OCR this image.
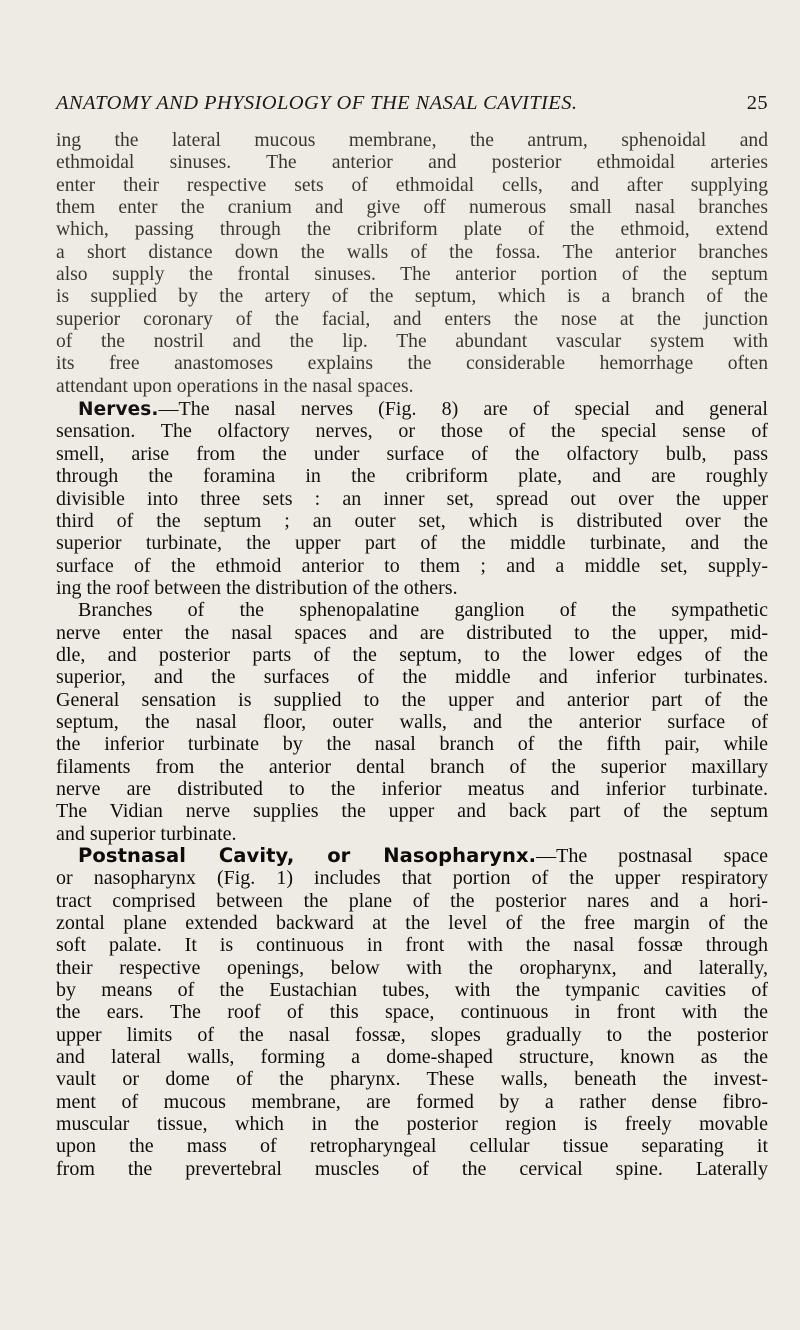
ANATOMY AND PHYSIOLOGY OF THE NASAL CAVITIES.	25
ing the lateral mucous membrane, the antrum, sphenoidal and
ethmoidal sinuses. The anterior and posterior ethmoidal arteries
enter their respective sets of ethmoidal cells, and after supplying
them enter the cranium and give off numerous small nasal branches
which, passing through the cribriform plate of the ethmoid, extend
a short distance down the walls of the fossa. The anterior branches
also supply the frontal sinuses. The anterior portion of the septum
is supplied by the artery of the septum, which is a branch of the
superior coronary of the facial, and enters the nose at the junction
of the nostril and the lip. The abundant vascular system with
its free anastomoses explains the considerable hemorrhage often
attendant upon operations in the nasal spaces.
Nerves.—The nasal nerves (Fig. 8) are of special and general
sensation. The olfactory nerves, or those of the special sense of
smell, arise from the under surface of the olfactory bulb, pass
through the foramina in the cribriform plate, and are roughly
divisible into three sets : an inner set, spread out over the upper
third of the septum ; an outer set, which is distributed over the
superior turbinate, the upper part of the middle turbinate, and the
surface of the ethmoid anterior to them ; and a middle set, supply-
ing the roof between the distribution of the others.
Branches of the sphenopalatine ganglion of the sympathetic
nerve enter the nasal spaces and are distributed to the upper, mid-
dle, and posterior parts of the septum, to the lower edges of the
superior, and the surfaces of the middle and inferior turbinates.
General sensation is supplied to the upper and anterior part of the
septum, the nasal floor, outer walls, and the anterior surface of
the inferior turbinate by the nasal branch of the fifth pair, while
filaments from the anterior dental branch of the superior maxillary
nerve are distributed to the inferior meatus and inferior turbinate.
The Vidian nerve supplies the upper and back part of the septum
and superior turbinate.
Postnasal Cavity, or Nasopharynx.—The postnasal space
or nasopharynx (Fig. 1) includes that portion of the upper respiratory
tract comprised between the plane of the posterior nares and a hori-
zontal plane extended backward at the level of the free margin of the
soft palate. It is continuous in front with the nasal fossæ through
their respective openings, below with the oropharynx, and laterally,
by means of the Eustachian tubes, with the tympanic cavities of
the ears. The roof of this space, continuous in front with the
upper limits of the nasal fossæ, slopes gradually to the posterior
and lateral walls, forming a dome-shaped structure, known as the
vault or dome of the pharynx. These walls, beneath the invest-
ment of mucous membrane, are formed by a rather dense fibro-
muscular tissue, which in the posterior region is freely movable
upon the mass of retropharyngeal cellular tissue separating it
from the prevertebral muscles of the cervical spine. Laterally
